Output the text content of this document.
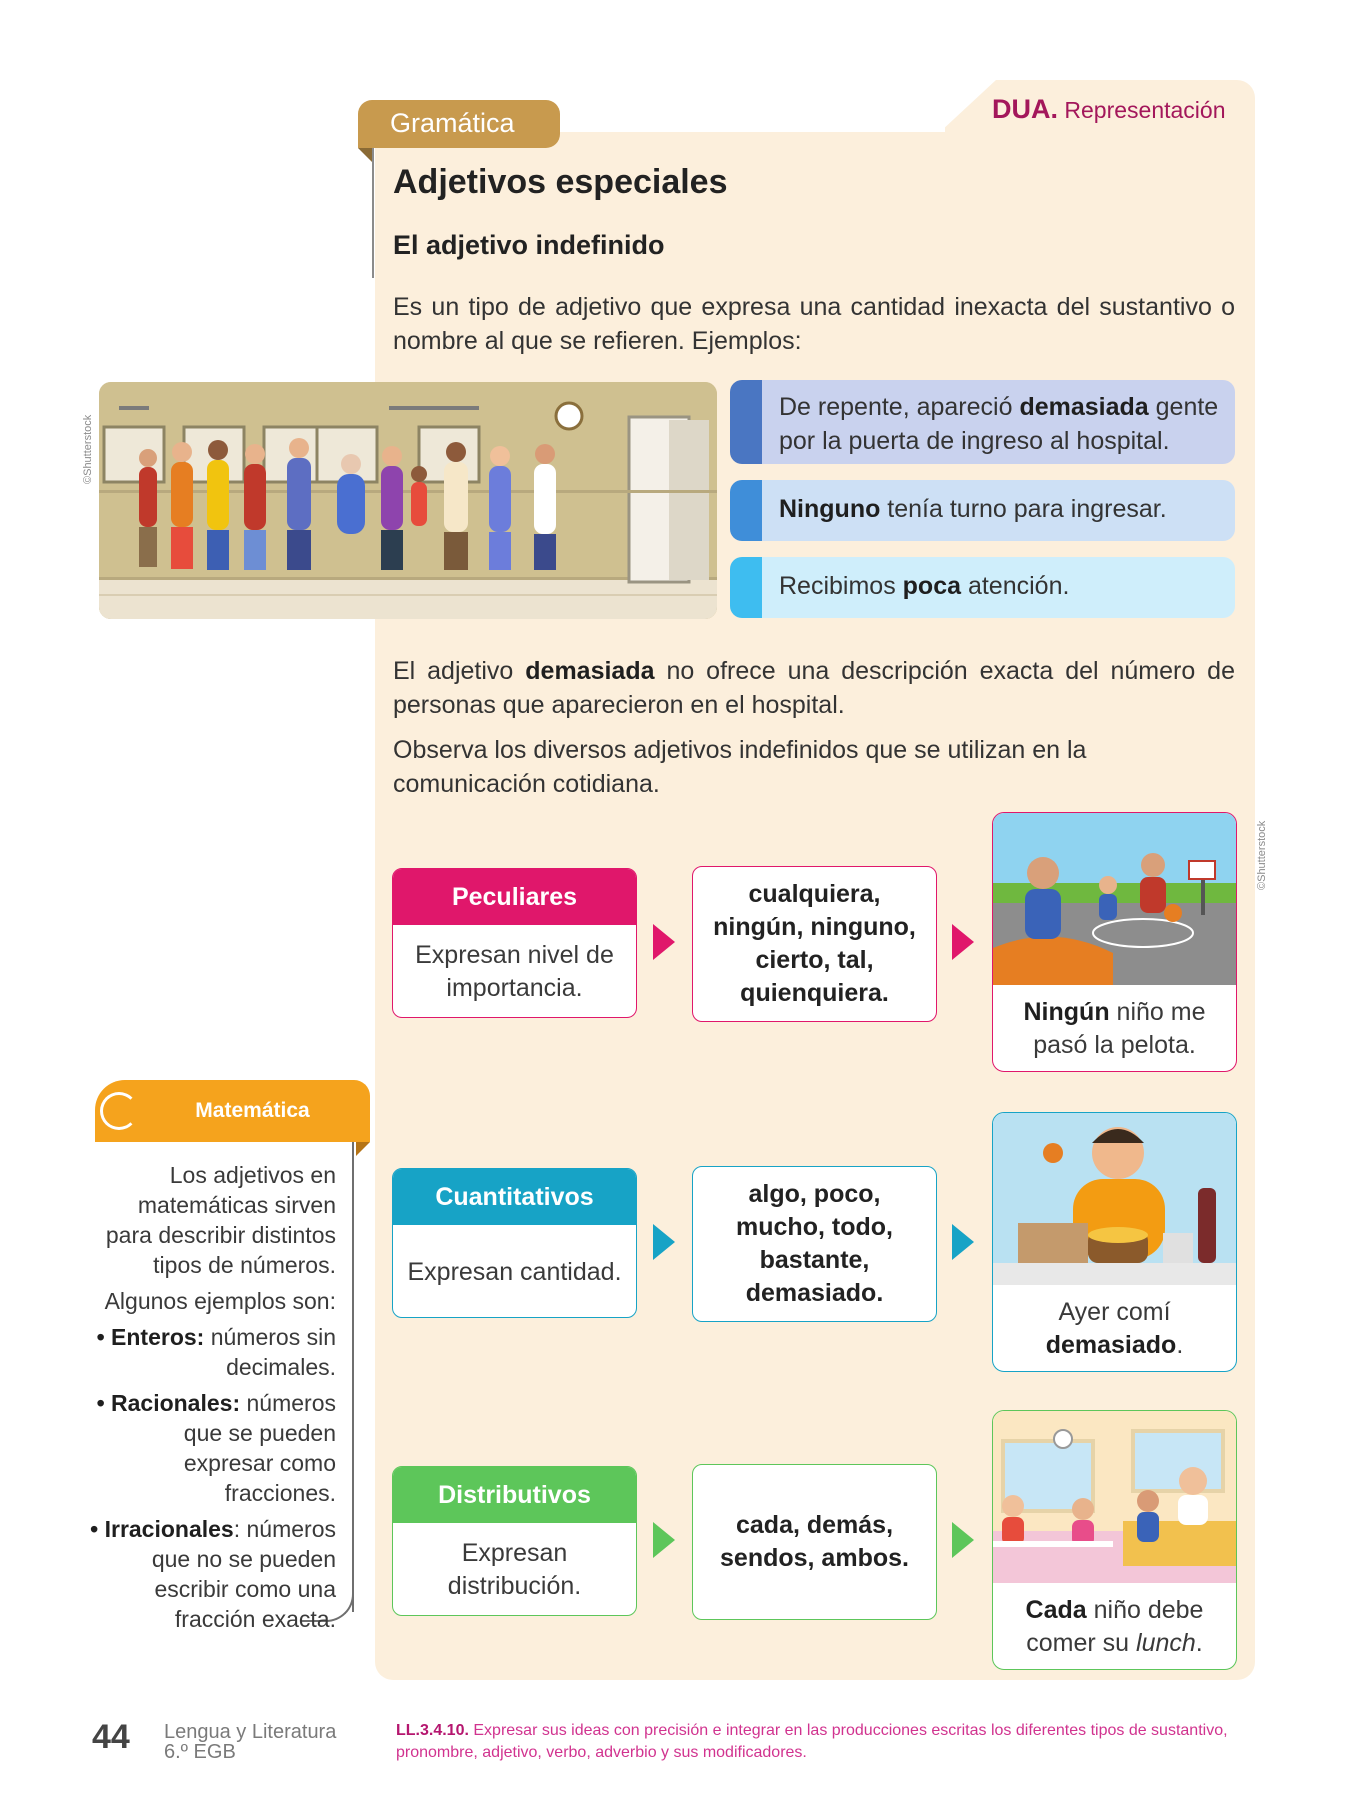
DUA. Representación
Gramática
Adjetivos especiales
El adjetivo indefinido
Es un tipo de adjetivo que expresa una cantidad inexacta del sustantivo o nombre al que se refieren. Ejemplos:
©Shutterstock
De repente, apareció demasiada gente por la puerta de ingreso al hospital.
Ninguno tenía turno para ingresar.
Recibimos poca atención.
El adjetivo demasiada no ofrece una descripción exacta del número de personas que aparecieron en el hospital.
Observa los diversos adjetivos indefinidos que se utilizan en la comunicación cotidiana.
Peculiares
Expresan nivel de importancia.
cualquiera, ningún, ninguno, cierto, tal, quienquiera.
Ningún niño me pasó la pelota.
©Shutterstock
Cuantitativos
Expresan cantidad.
algo, poco, mucho, todo, bastante, demasiado.
Ayer comí demasiado.
Distributivos
Expresan distribución.
cada, demás, sendos, ambos.
Cada niño debe comer su lunch.
Matemática

Los adjetivos en matemáticas sirven para describir distintos tipos de números.

Algunos ejemplos son:

• Enteros: números sin decimales.

• Racionales: números que se pueden expresar como fracciones.

• Irracionales: números que no se pueden escribir como una fracción exacta.

44 Lengua y Literatura
6.º EGB
LL.3.4.10. Expresar sus ideas con precisión e integrar en las producciones escritas los diferentes tipos de sustantivo, pronombre, adjetivo, verbo, adverbio y sus modificadores.
